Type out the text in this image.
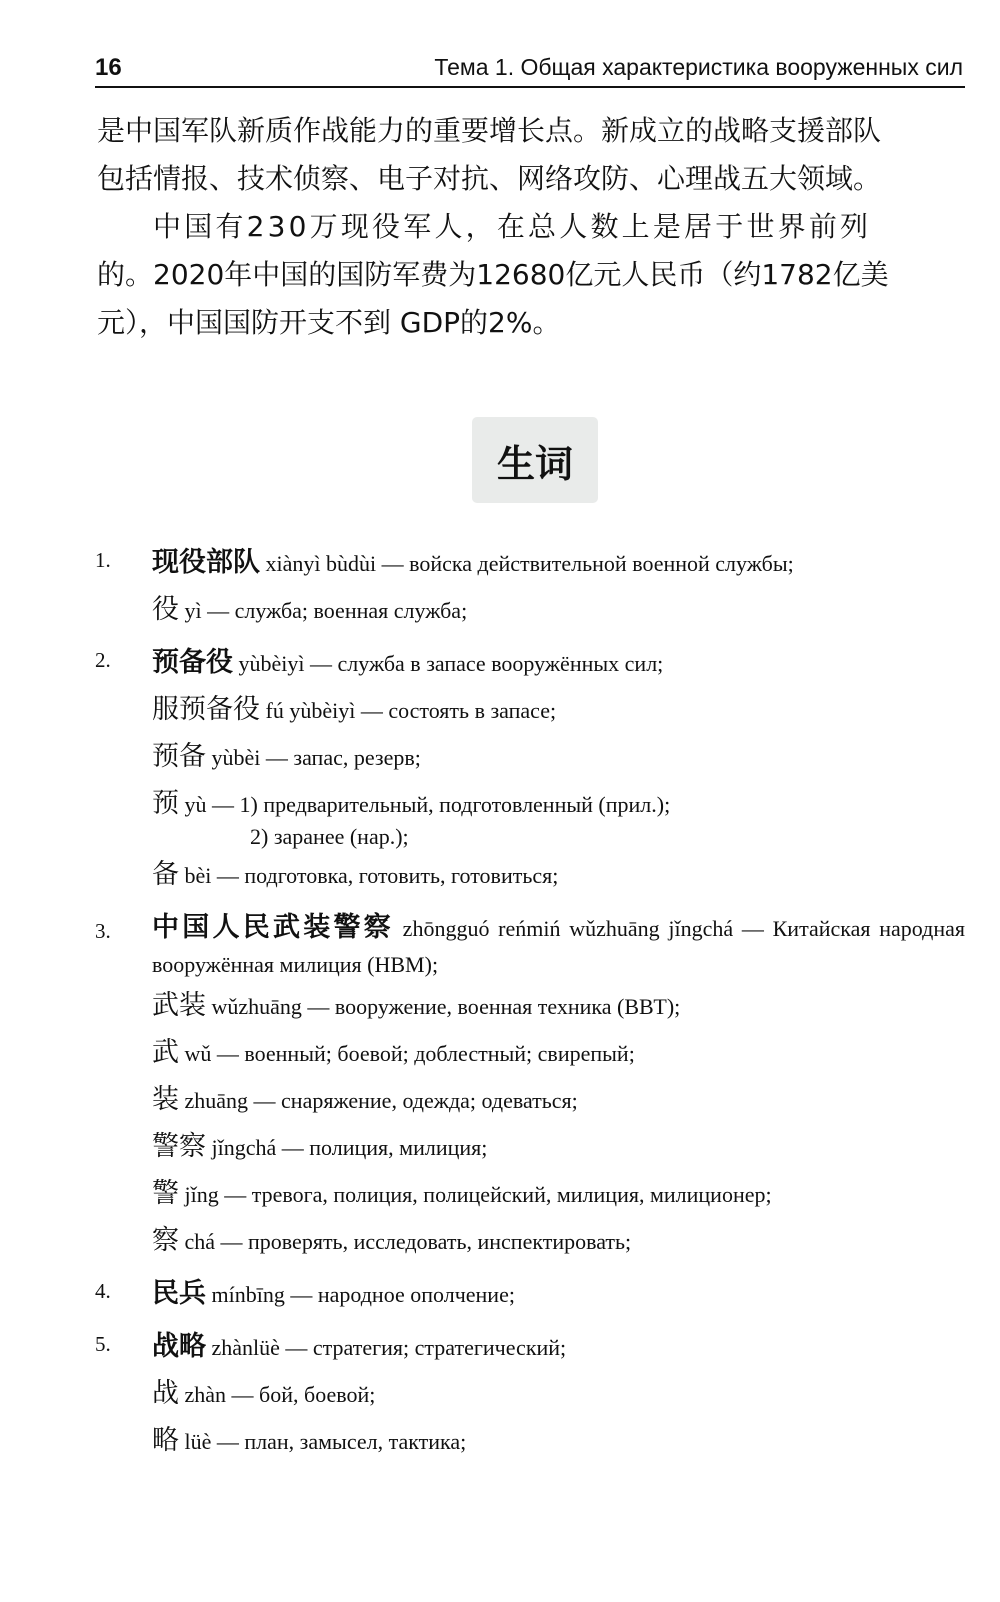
16	Тема 1. Общая характеристика вооруженных сил
是中国军队新质作战能力的重要增长点。新成立的战略支援部队
包括情报、技术侦察、电子对抗、网络攻防、心理战五大领域。
中国有230万现役军人，在总人数上是居于世界前列
的。2020年中国的国防军费为12680亿元人民币（约1782亿美
元），中国国防开支不到 GDP的2%。
生词
1. 现役部队 xiànyì bùdùi — войска действительной военной службы;
役 yì — служба; военная служба;
2. 预备役 yùbèiyì — служба в запасе вооружённых сил;
服预备役 fú yùbèiyì — состоять в запасе;
预备 yùbèi — запас, резерв;
预 yù — 1) предварительный, подготовленный (прил.);
2) заранее (нар.);
备 bèi — подготовка, готовить, готовиться;
3. 中国人民武装警察 zhōngguó reńmiń wǔzhuāng jǐngchá — Китайская народная вооружённая милиция (НВМ);
武装 wǔzhuāng — вооружение, военная техника (ВВТ);
武 wǔ — военный; боевой; доблестный; свирепый;
装 zhuāng — снаряжение, одежда; одеваться;
警察 jǐngchá — полиция, милиция;
警 jǐng — тревога, полиция, полицейский, милиция, милиционер;
察 chá — проверять, исследовать, инспектировать;
4. 民兵 mínbīng — народное ополчение;
5. 战略 zhànlüè — стратегия; стратегический;
战 zhàn — бой, боевой;
略 lüè — план, замысел, тактика;
